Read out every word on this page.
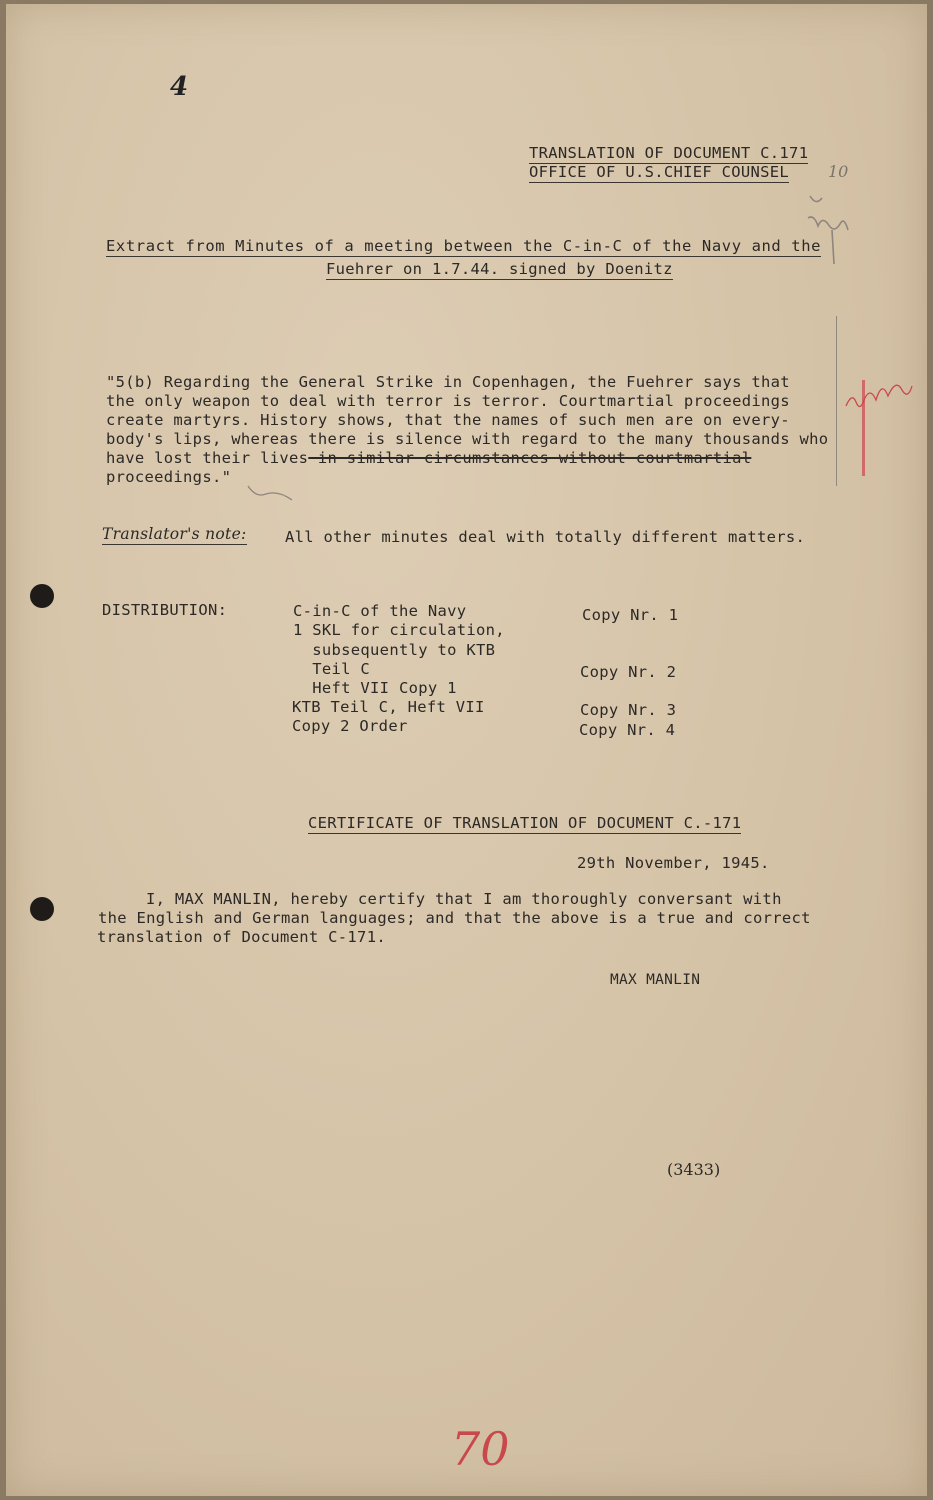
4
TRANSLATION OF DOCUMENT C.171
OFFICE OF U.S.CHIEF COUNSEL 10
Extract from Minutes of a meeting between the C-in-C of the Navy and the
Fuehrer on 1.7.44. signed by Doenitz
"5(b) Regarding the General Strike in Copenhagen, the Fuehrer says that
the only weapon to deal with terror is terror. Courtmartial proceedings
create martyrs. History shows, that the names of such men are on every-
body's lips, whereas there is silence with regard to the many thousands who
have lost their lives in similar circumstances without courtmartial
proceedings."
Translator's note: All other minutes deal with totally different matters.
DISTRIBUTION:	C-in-C of the Navy
1 SKL for circulation,
subsequently to KTB
Teil C
Heft VII Copy 1
KTB Teil C, Heft VII
Copy 2 Order
Copy Nr. 1
Copy Nr. 2
Copy Nr. 3
Copy Nr. 4
CERTIFICATE OF TRANSLATION OF DOCUMENT C.-171
29th November, 1945.
I, MAX MANLIN, hereby certify that I am thoroughly conversant with
the English and German languages; and that the above is a true and correct
translation of Document C-171.
MAX MANLIN
(3433)
70
